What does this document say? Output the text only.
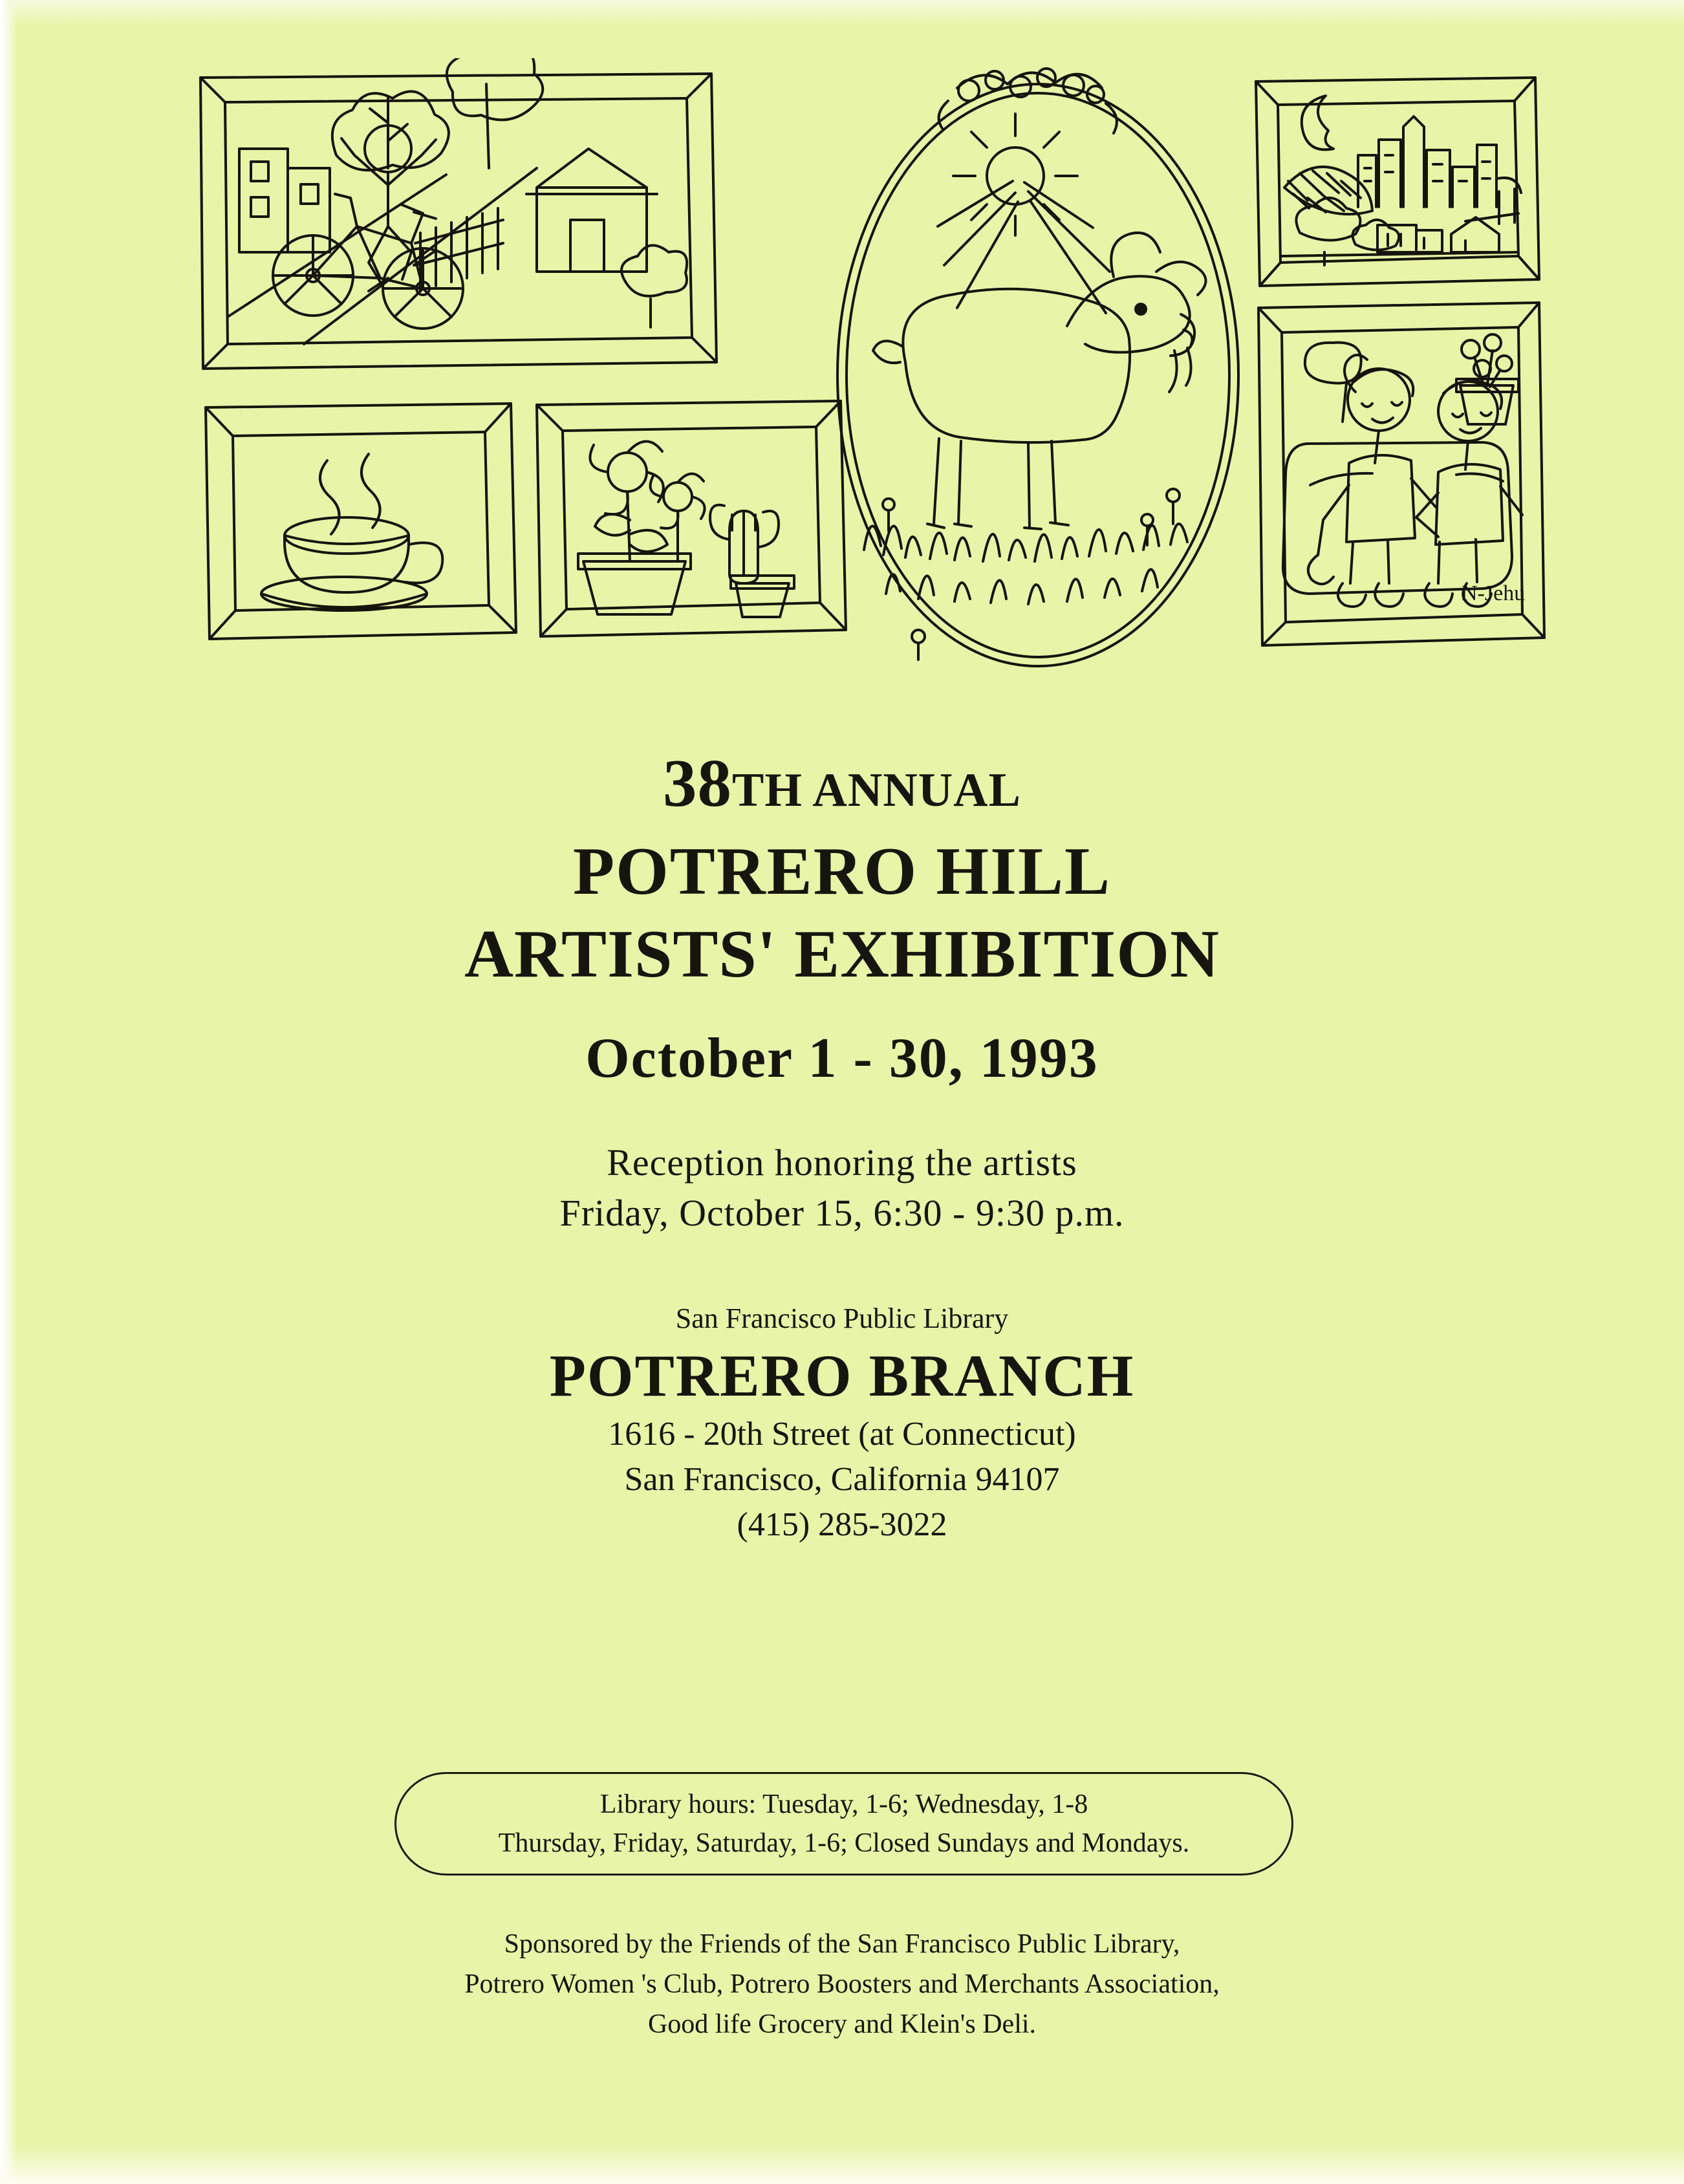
N-Jehu
38TH ANNUAL
POTRERO HILL
ARTISTS' EXHIBITION
October 1 - 30, 1993
Reception honoring the artists
Friday, October 15, 6:30 - 9:30 p.m.
San Francisco Public Library
POTRERO BRANCH
1616 - 20th Street (at Connecticut)
San Francisco, California 94107
(415) 285-3022
Library hours: Tuesday, 1-6; Wednesday, 1-8
Thursday, Friday, Saturday, 1-6; Closed Sundays and Mondays.
Sponsored by the Friends of the San Francisco Public Library,
Potrero Women 's Club, Potrero Boosters and Merchants Association,
Good life Grocery and Klein's Deli.
